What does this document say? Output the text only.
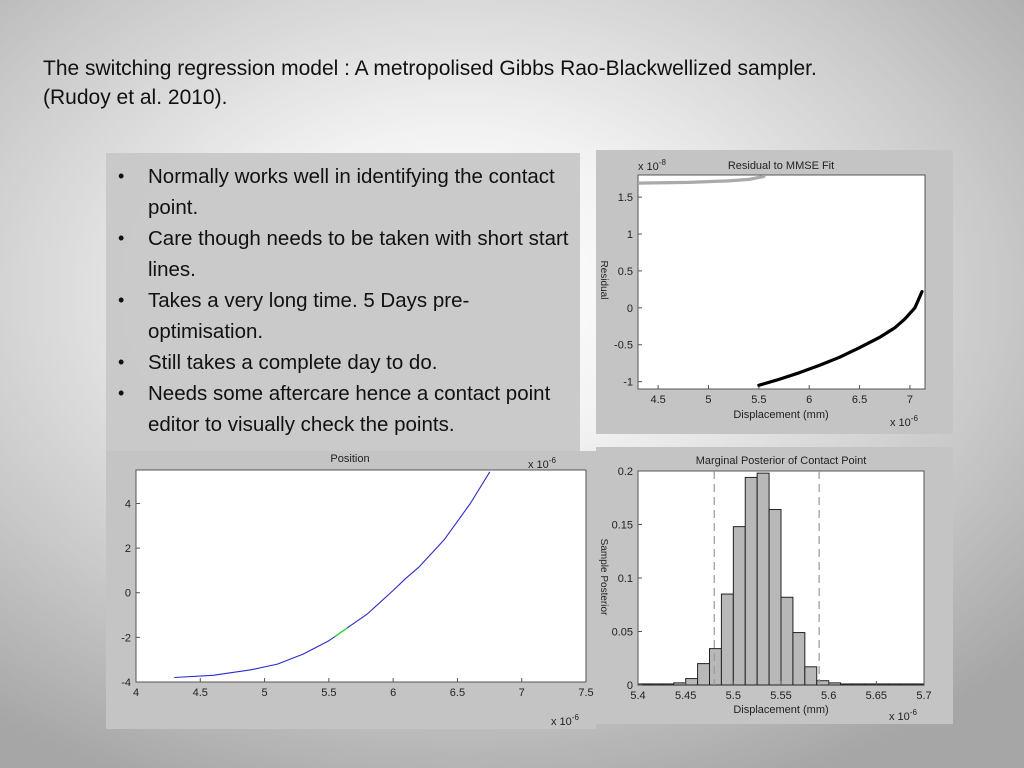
The switching regression model : A metropolised Gibbs Rao-Blackwellized sampler.
(Rudoy et al. 2010).
Residual to MMSE Fit
x $10^{-8}$
Displacement (mm)
x $10^{-6}$
Residual
4.5	5	5.5	6	6.5	7
-1
-0.5
0
0.5
1
1.5
Position	x $10^{-6}$
x $10^{-6}$
4	4.5	5	5.5	6	6.5	7	7.5
-4
-2
0
2
4
Marginal Posterior of Contact Point
Displacement (mm)
x $10^{-6}$
Sample Posterior
5.4	5.45	5.5	5.55	5.6	5.65	5.7
0
0.05
0.1
0.15
0.2
• Normally works well in identifying the contact point.
• Care though needs to be taken with short start lines.
• Takes a very long time. 5 Days pre-optimisation.
• Still takes a complete day to do.
• Needs some aftercare hence a contact point editor to visually check the points.
